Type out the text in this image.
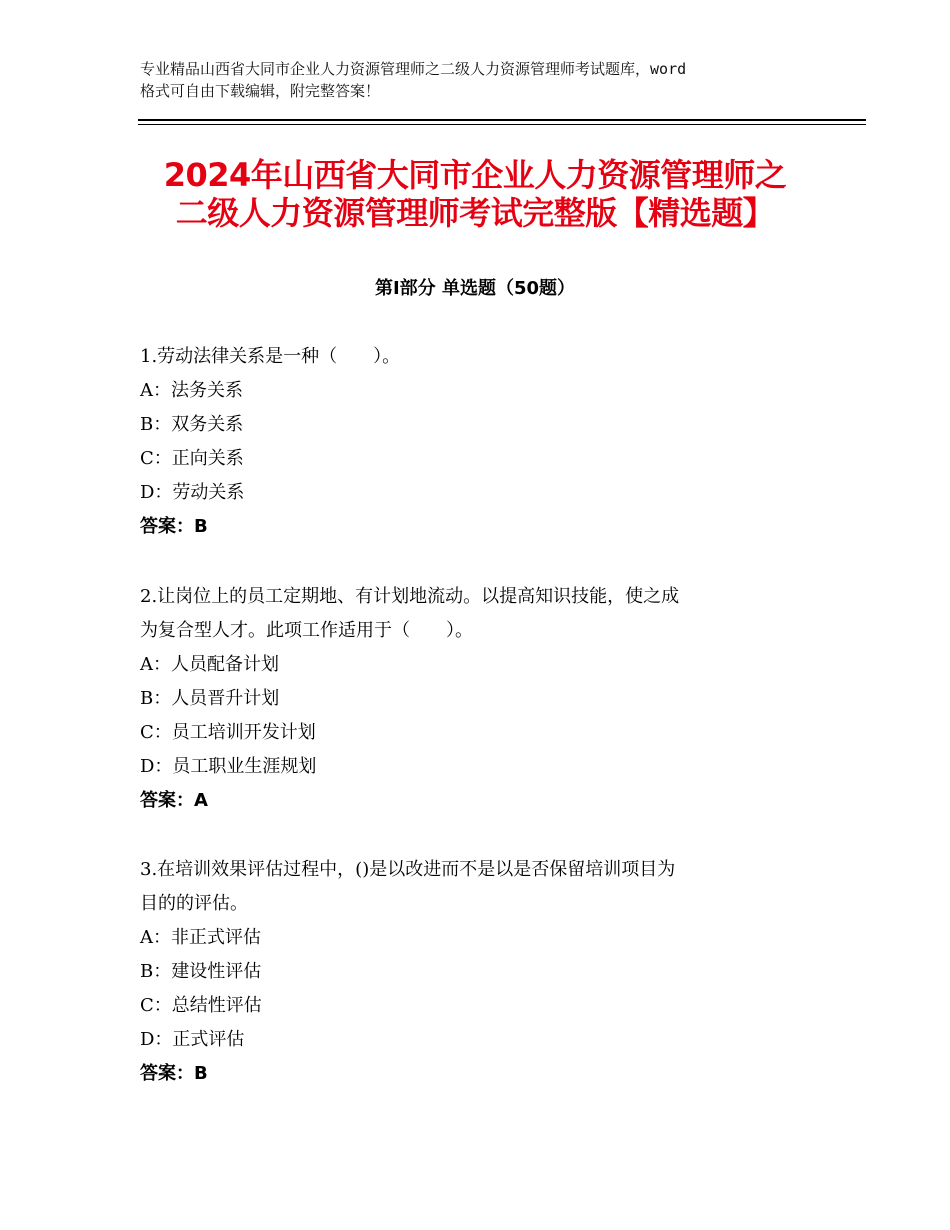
专业精品山西省大同市企业人力资源管理师之二级人力资源管理师考试题库，word
格式可自由下载编辑，附完整答案！
2024年山西省大同市企业人力资源管理师之
二级人力资源管理师考试完整版【精选题】
第Ⅰ部分 单选题（50题）
1.劳动法律关系是一种（　　）。
A：法务关系
B：双务关系
C：正向关系
D：劳动关系
答案：B
2.让岗位上的员工定期地、有计划地流动。以提高知识技能，使之成
为复合型人才。此项工作适用于（　　）。
A：人员配备计划
B：人员晋升计划
C：员工培训开发计划
D：员工职业生涯规划
答案：A
3.在培训效果评估过程中，()是以改进而不是以是否保留培训项目为
目的的评估。
A：非正式评估
B：建设性评估
C：总结性评估
D：正式评估
答案：B
